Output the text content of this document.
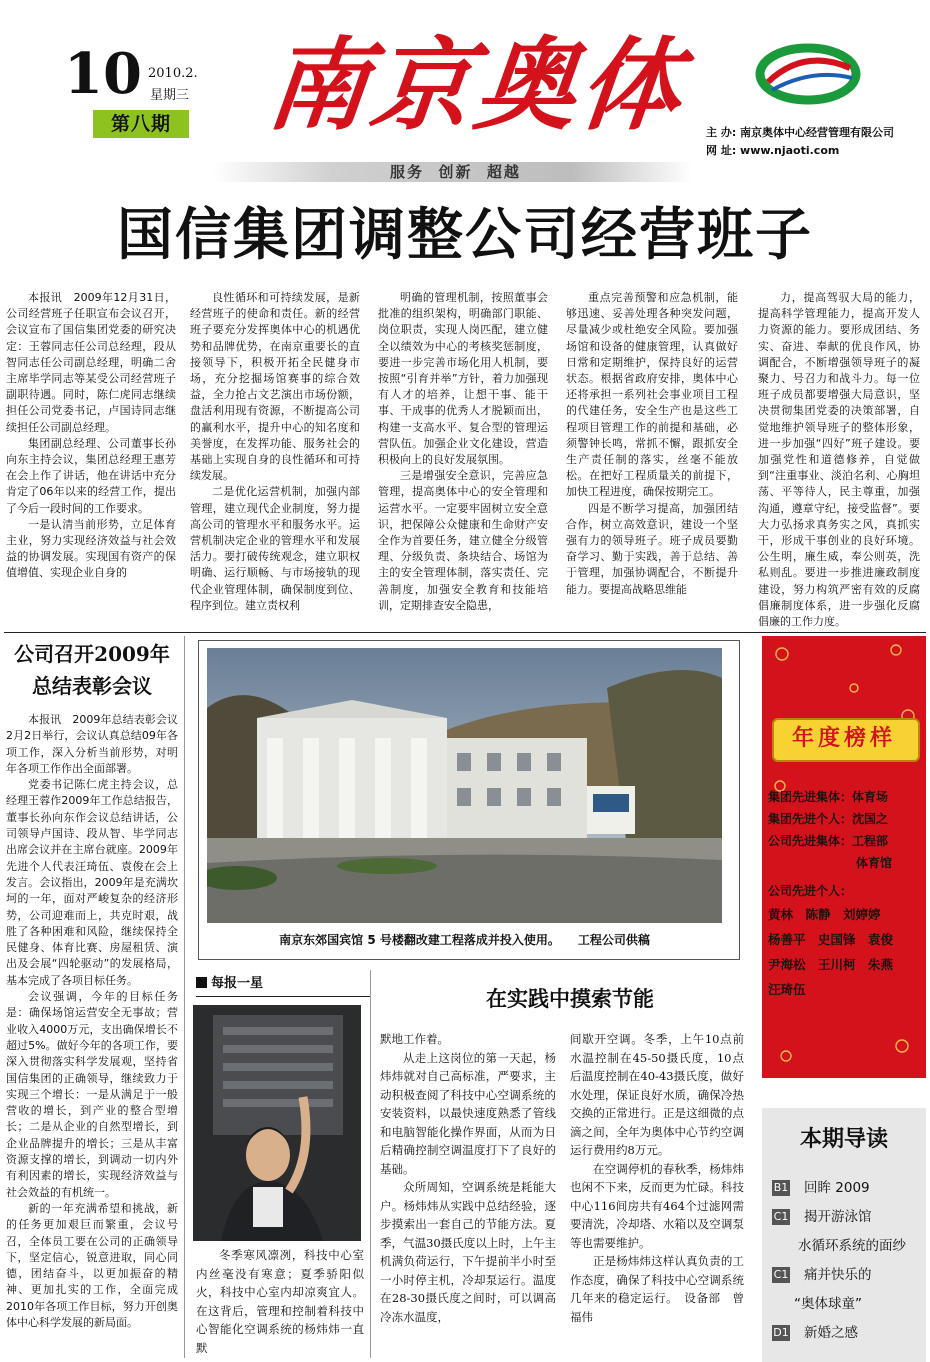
10 2010.2.
星期三
第八期 南京奥体	主 办: 南京奥体中心经营管理有限公司
网 址: www.njaoti.com
服务  创新  超越
国信集团调整公司经营班子

本报讯　2009年12月31日，公司经营班子任职宣布会议召开，会议宣布了国信集团党委的研究决定：王蓉同志任公司总经理，段从智同志任公司副总经理，明确二舍主席毕学同志等某受公司经营班子副职待遇。同时，陈仁虎同志继续担任公司党委书记，卢国诗同志继续担任公司副总经理。

集团副总经理、公司董事长孙向东主持会议，集团总经理王惠芳在会上作了讲话，他在讲话中充分肯定了06年以来的经营工作，提出了今后一段时间的工作要求。

一是认清当前形势，立足体育主业，努力实现经济效益与社会效益的协调发展。实现国有资产的保值增值、实现企业自身的

良性循环和可持续发展，是新经营班子的使命和责任。新的经营班子要充分发挥奥体中心的机遇优势和品牌优势，在南京重要长的直接领导下，积极开拓全民健身市场，充分挖掘场馆赛事的综合效益，全力抢占文艺演出市场份额，盘活利用现有资源，不断提高公司的赢利水平，提升中心的知名度和美誉度，在发挥功能、服务社会的基础上实现自身的良性循环和可持续发展。

二是优化运营机制，加强内部管理，建立现代企业制度，努力提高公司的管理水平和服务水平。运营机制决定企业的管理水平和发展活力。要打破传统观念，建立职权明确、运行顺畅、与市场接轨的现代企业管理体制，确保制度到位、程序到位。建立责权利

明确的管理机制，按照董事会批准的组织架构，明确部门职能、岗位职责，实现人岗匹配，建立健全以绩效为中心的考核奖惩制度，要进一步完善市场化用人机制，要按照“引育并举”方针，着力加强现有人才的培养，让想干事、能干事、干成事的优秀人才脱颖而出，构建一支高水平、复合型的管理运营队伍。加强企业文化建设，营造积极向上的良好发展氛围。

三是增强安全意识，完善应急管理，提高奥体中心的安全管理和运营水平。一定要牢固树立安全意识，把保障公众健康和生命财产安全作为首要任务，建立健全分级管理、分级负责、条块结合、场馆为主的安全管理体制，落实责任、完善制度，加强安全教育和技能培训，定期排查安全隐患，

重点完善预警和应急机制，能够迅速、妥善处理各种突发问题，尽量减少或杜绝安全风险。要加强场馆和设备的健康管理，认真做好日常和定期维护，保持良好的运营状态。根据省政府安排，奥体中心还将承担一系列社会事业项目工程的代建任务，安全生产也是这些工程项目管理工作的前提和基础，必须警钟长鸣，常抓不懈，跟抓安全生产责任制的落实，丝毫不能放松。在把好工程质量关的前提下，加快工程进度，确保按期完工。

四是不断学习提高，加强团结合作，树立高效意识，建设一个坚强有力的领导班子。班子成员要勤奋学习、勤于实践，善于总结、善于管理，加强协调配合，不断提升能力。要提高战略思维能

力，提高驾驭大局的能力，提高科学管理能力，提高开发人力资源的能力。要形成团结、务实、奋进、奉献的优良作风，协调配合，不断增强领导班子的凝聚力、号召力和战斗力。每一位班子成员都要增强大局意识，坚决贯彻集团党委的决策部署，自觉地维护领导班子的整体形象，进一步加强“四好”班子建设。要加强党性和道德修养，自觉做到“注重事业、淡泊名利、心胸坦荡、平等待人，民主尊重，加强沟通，遵章守纪，接受监督”。要大力弘扬求真务实之风，真抓实干，形成干事创业的良好环境。公生明，廉生威，奉公则英，洗私则乱。要进一步推进廉政制度建设，努力构筑严密有效的反腐倡廉制度体系，进一步强化反腐倡廉的工作力度。

公司召开2009年
总结表彰会议

本报讯　2009年总结表彰会议2月2日举行，会议认真总结09年各项工作，深入分析当前形势，对明年各项工作作出全面部署。

党委书记陈仁虎主持会议，总经理王蓉作2009年工作总结报告，董事长孙向东作会议总结讲话，公司领导卢国诗、段从智、毕学同志出席会议并在主席台就座。2009年先进个人代表汪琦伍、袁俊在会上发言。会议指出，2009年是充满坎坷的一年，面对严峻复杂的经济形势，公司迎难而上，共克时艰，战胜了各种困难和风险，继续保持全民健身、体育比赛、房屋租赁、演出及会展“四轮驱动”的发展格局，基本完成了各项目标任务。

会议强调，今年的目标任务是：确保场馆运营安全无事故；营业收入4000万元，支出确保增长不超过5%。做好今年的各项工作，要深入贯彻落实科学发展观，坚持省国信集团的正确领导，继续致力于实现三个增长：一是从满足于一般营收的增长，到产业的整合型增长；二是从企业的自然型增长，到企业品牌提升的增长；三是从丰富资源支撑的增长，到调动一切内外有利因素的增长，实现经济效益与社会效益的有机统一。

新的一年充满希望和挑战，新的任务更加艰巨而繁重，会议号召，全体员工要在公司的正确领导下，坚定信心，锐意进取，同心同德，团结奋斗，以更加振奋的精神、更加扎实的工作，全面完成2010年各项工作目标，努力开创奥体中心科学发展的新局面。

南京东郊国宾馆 5 号楼翻改建工程落成并投入使用。　　工程公司供稿
年度榜样
集团先进集体：体育场
集团先进个人：沈国之
公司先进集体：工程部
体育馆
公司先进个人：
黄林　陈静　刘婷婷
杨善平　史国锋　袁俊
尹海松　王川柯　朱燕
汪琦伍
每报一星
冬季寒风凛冽，科技中心室内丝毫没有寒意；夏季骄阳似火，科技中心室内却凉爽宜人。在这背后，管理和控制着科技中心智能化空调系统的杨炜炜一直默
在实践中摸索节能

默地工作着。

从走上这岗位的第一天起，杨炜炜就对自己高标准，严要求，主动积极查阅了科技中心空调系统的安装资料，以最快速度熟悉了管线和电脑智能化操作界面，从而为日后精确控制空调温度打下了良好的基础。

众所周知，空调系统是耗能大户。杨炜炜从实践中总结经验，逐步摸索出一套自己的节能方法。夏季，气温30摄氏度以上时，上午主机满负荷运行，下午提前半小时至一小时停主机，冷却泵运行。温度在28-30摄氏度之间时，可以调高冷冻水温度，

间歇开空调。冬季，上午10点前水温控制在45-50摄氏度，10点后温度控制在40-43摄氏度，做好水处理，保证良好水质，确保冷热交换的正常进行。正是这细微的点滴之间，全年为奥体中心节约空调运行费用约8万元。

在空调停机的春秋季，杨炜炜也闲不下来，反而更为忙碌。科技中心116间房共有464个过滤网需要清洗，冷却塔、水箱以及空调泵等也需要维护。

正是杨炜炜这样认真负责的工作态度，确保了科技中心空调系统几年来的稳定运行。　设备部　曾福伟

本期导读
B1 回眸 2009
C1 揭开游泳馆
水循环系统的面纱
C1 痛并快乐的
“奥体球童”
D1 新婚之感
